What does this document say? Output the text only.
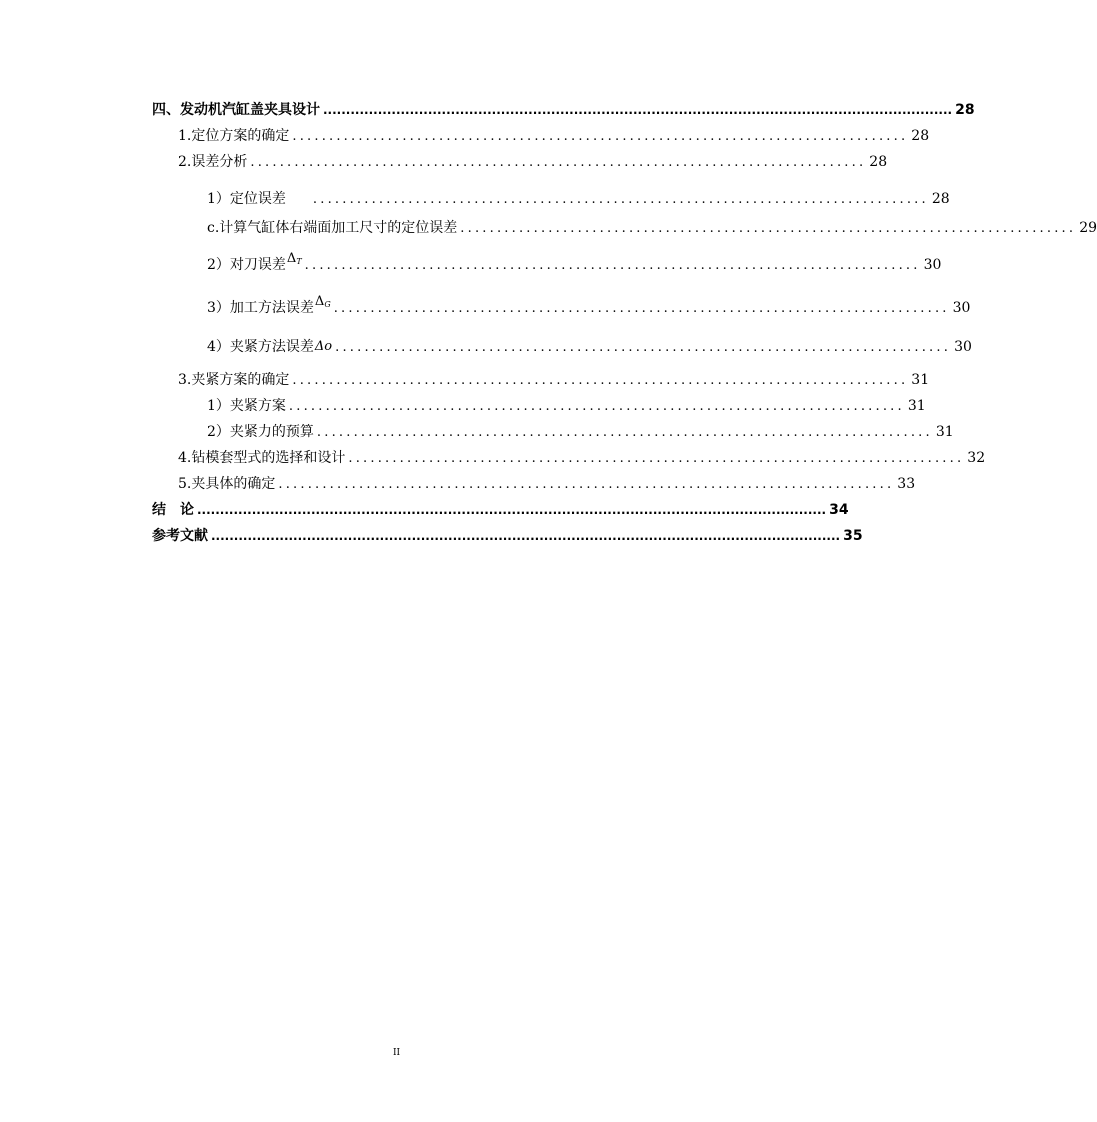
四、发动机汽缸盖夹具设计 .......................................................................................................................................... 28
1.定位方案的确定 .................................................................................... 28
2.误差分析 .................................................................................... 28
1）定位误差	.................................................................................... 28
c.计算气缸体右端面加工尺寸的定位误差 .................................................................................... 29
2）对刀误差$\Delta_T$ .................................................................................... 30
3）加工方法误差$\Delta_G$ .................................................................................... 30
4）夹紧方法误差Δo .................................................................................... 30
3.夹紧方案的确定 .................................................................................... 31
1）夹紧方案 .................................................................................... 31
2）夹紧力的预算 .................................................................................... 31
4.钻模套型式的选择和设计 .................................................................................... 32
5.夹具体的确定 .................................................................................... 33
结　论 .......................................................................................................................................... 34
参考文献 .......................................................................................................................................... 35
II
